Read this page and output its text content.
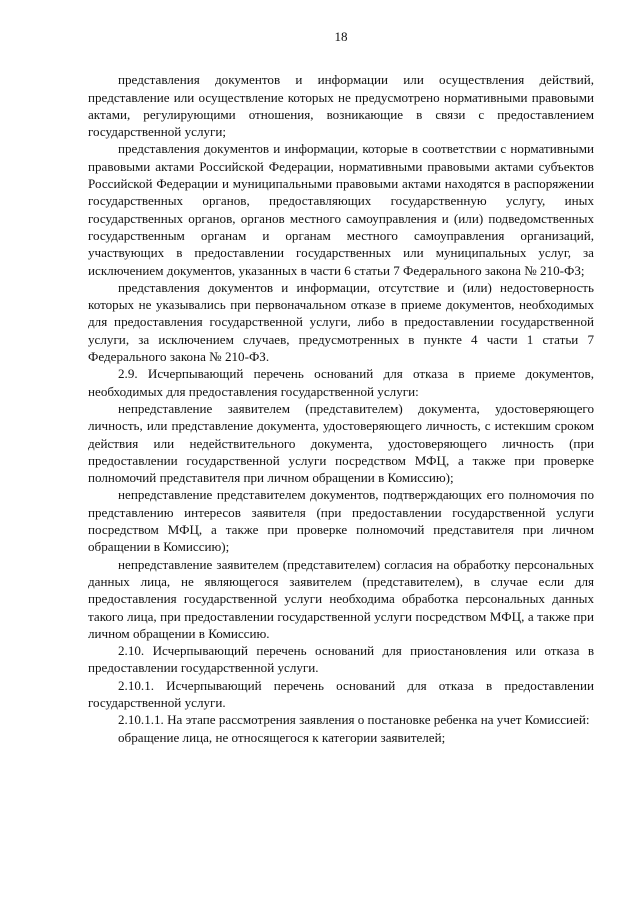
18

представления документов и информации или осуществления действий, представление или осуществление которых не предусмотрено нормативными правовыми актами, регулирующими отношения, возникающие в связи с предоставлением государственной услуги;

представления документов и информации, которые в соответствии с нормативными правовыми актами Российской Федерации, нормативными правовыми актами субъектов Российской Федерации и муниципальными правовыми актами находятся в распоряжении государственных органов, предоставляющих государственную услугу, иных государственных органов, органов местного самоуправления и (или) подведомственных государственным органам и органам местного самоуправления организаций, участвующих в предоставлении государственных или муниципальных услуг, за исключением документов, указанных в части 6 статьи 7 Федерального закона № 210-ФЗ;

представления документов и информации, отсутствие и (или) недостоверность которых не указывались при первоначальном отказе в приеме документов, необходимых для предоставления государственной услуги, либо в предоставлении государственной услуги, за исключением случаев, предусмотренных в пункте 4 части 1 статьи 7 Федерального закона № 210-ФЗ.

2.9. Исчерпывающий перечень оснований для отказа в приеме документов, необходимых для предоставления государственной услуги:

непредставление заявителем (представителем) документа, удостоверяющего личность, или представление документа, удостоверяющего личность, с истекшим сроком действия или недействительного документа, удостоверяющего личность (при предоставлении государственной услуги посредством МФЦ, а также при проверке полномочий представителя при личном обращении в Комиссию);

непредставление представителем документов, подтверждающих его полномочия по представлению интересов заявителя (при предоставлении государственной услуги посредством МФЦ, а также при проверке полномочий представителя при личном обращении в Комиссию);

непредставление заявителем (представителем) согласия на обработку персональных данных лица, не являющегося заявителем (представителем), в случае если для предоставления государственной услуги необходима обработка персональных данных такого лица, при предоставлении государственной услуги посредством МФЦ, а также при личном обращении в Комиссию.

2.10. Исчерпывающий перечень оснований для приостановления или отказа в предоставлении государственной услуги.

2.10.1. Исчерпывающий перечень оснований для отказа в предоставлении государственной услуги.

2.10.1.1. На этапе рассмотрения заявления о постановке ребенка на учет Комиссией:

обращение лица, не относящегося к категории заявителей;
